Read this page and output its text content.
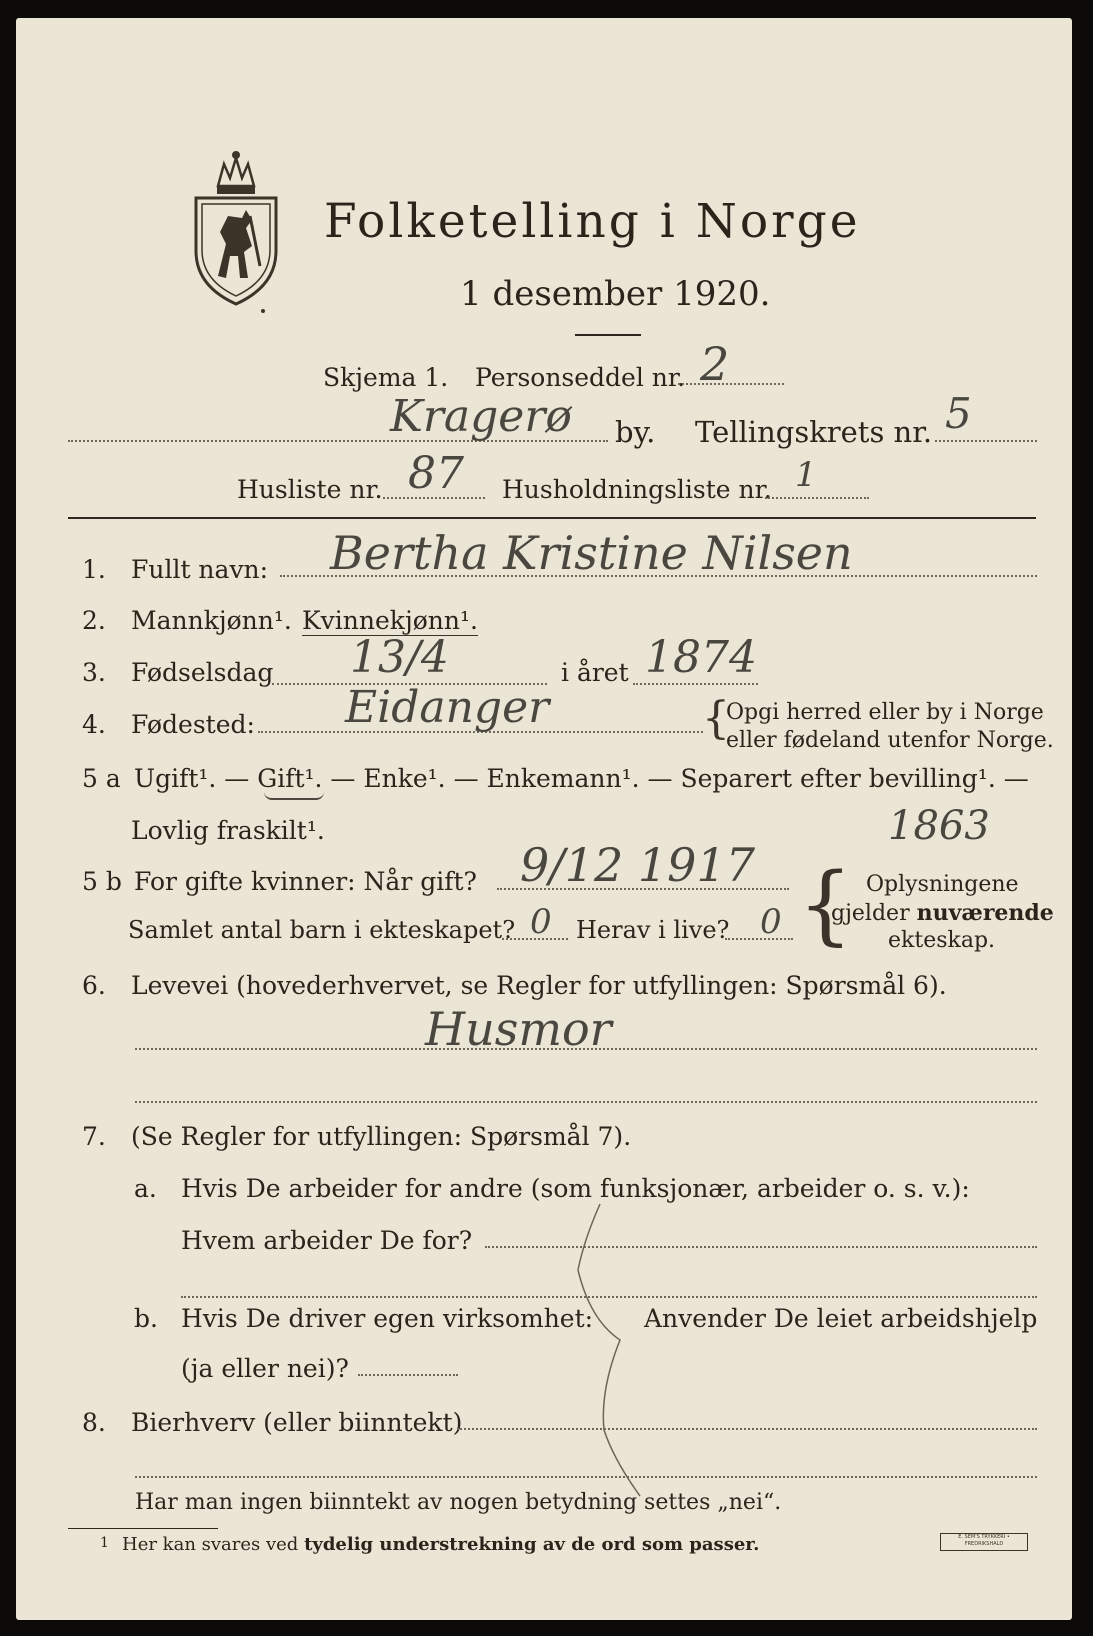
Folketelling i Norge
1 desember 1920.
Skjema 1. Personseddel nr. 2
Kragerø by. Tellingskrets nr. 5
Husliste nr. 87 Husholdningsliste nr. 1
1. Fullt navn: Bertha Kristine Nilsen
2. Mannkjønn¹. Kvinnekjønn¹.
3. Fødselsdag 13/4	i året 1874
4. Fødested: Eidanger	{
Opgi herred eller by i Norge
eller fødeland utenfor Norge.
5 a Ugift¹. — Gift¹. — Enke¹. — Enkemann¹. — Separert efter bevilling¹. —
Lovlig fraskilt¹.	1863
5 b For gifte kvinner: Når gift? 9/12 1917
Samlet antal barn i ekteskapet? 0 Herav i live? 0 { Oplysningene
gjelder nuværende
ekteskap.
6. Levevei (hovederhvervet, se Regler for utfyllingen: Spørsmål 6).
Husmor
7. (Se Regler for utfyllingen: Spørsmål 7).
a. Hvis De arbeider for andre (som funksjonær, arbeider o. s. v.):
Hvem arbeider De for?
b. Hvis De driver egen virksomhet: Anvender De leiet arbeidshjelp
(ja eller nei)?
8. Bierhverv (eller biinntekt)
Har man ingen biinntekt av nogen betydning settes „nei“.
1 Her kan svares ved tydelig understrekning av de ord som passer.	E. SEM'S TRYKKERI • FREDRIKSHALD
